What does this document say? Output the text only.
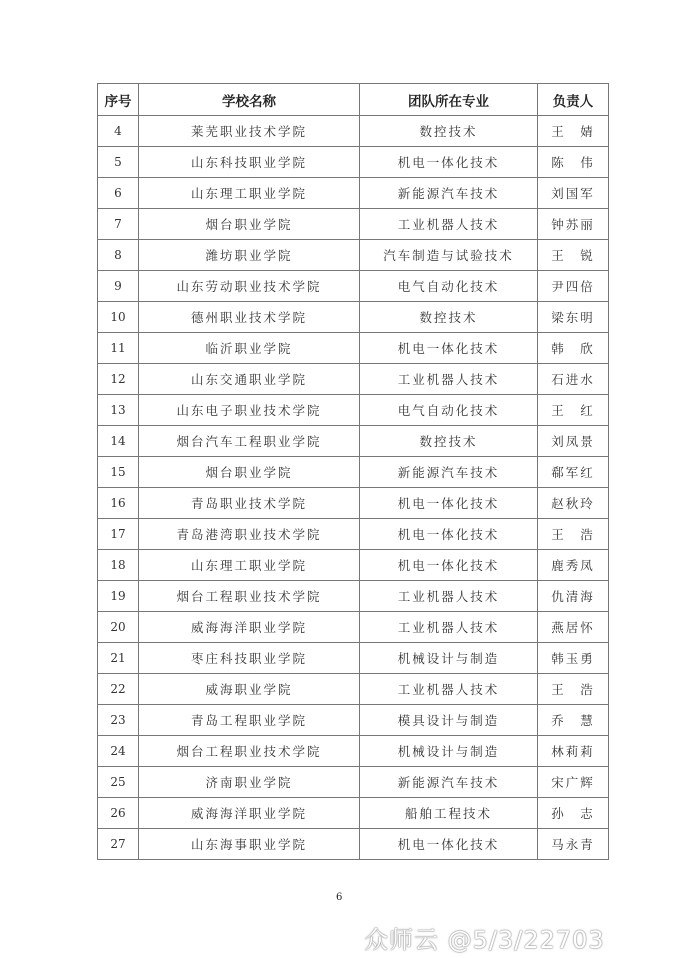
序号	学校名称	团队所在专业	负责人
4	莱芜职业技术学院	数控技术	王　婧
5	山东科技职业学院	机电一体化技术	陈　伟
6	山东理工职业学院	新能源汽车技术	刘国军
7	烟台职业学院	工业机器人技术	钟苏丽
8	潍坊职业学院	汽车制造与试验技术	王　锐
9	山东劳动职业技术学院	电气自动化技术	尹四倍
10	德州职业技术学院	数控技术	梁东明
11	临沂职业学院	机电一体化技术	韩　欣
12	山东交通职业学院	工业机器人技术	石进水
13	山东电子职业技术学院	电气自动化技术	王　红
14	烟台汽车工程职业学院	数控技术	刘凤景
15	烟台职业学院	新能源汽车技术	郗军红
16	青岛职业技术学院	机电一体化技术	赵秋玲
17	青岛港湾职业技术学院	机电一体化技术	王　浩
18	山东理工职业学院	机电一体化技术	鹿秀凤
19	烟台工程职业技术学院	工业机器人技术	仇清海
20	威海海洋职业学院	工业机器人技术	燕居怀
21	枣庄科技职业学院	机械设计与制造	韩玉勇
22	威海职业学院	工业机器人技术	王　浩
23	青岛工程职业学院	模具设计与制造	乔　慧
24	烟台工程职业技术学院	机械设计与制造	林莉莉
25	济南职业学院	新能源汽车技术	宋广辉
26	威海海洋职业学院	船舶工程技术	孙　志
27	山东海事职业学院	机电一体化技术	马永青
6
众师云 @5/3/22703
